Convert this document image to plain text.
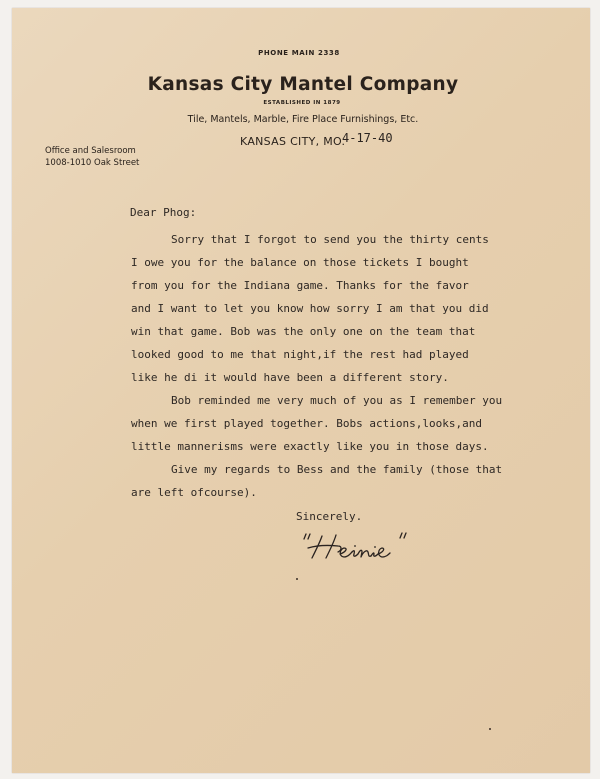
PHONE MAIN 2338
Kansas City Mantel Company
ESTABLISHED IN 1879
Tile, Mantels, Marble, Fire Place Furnishings, Etc.
KANSAS CITY, MO.
4-17-40
Office and Salesroom
1008-1010 Oak Street

Dear Phog:

Sorry that I forgot to send you the thirty cents

I owe you for the balance on those tickets I bought

from you for the Indiana game. Thanks for the favor

and I want to let you know how sorry I am that you did

win that game. Bob was the only one on the team that

looked good to me that night,if the rest had played

like he di it would have been a different story.

Bob reminded me very much of you as I remember you

when we first played together. Bobs actions,looks,and

little mannerisms were exactly like you in those days.

Give my regards to Bess and the family (those that

are left ofcourse).

Sincerely.
